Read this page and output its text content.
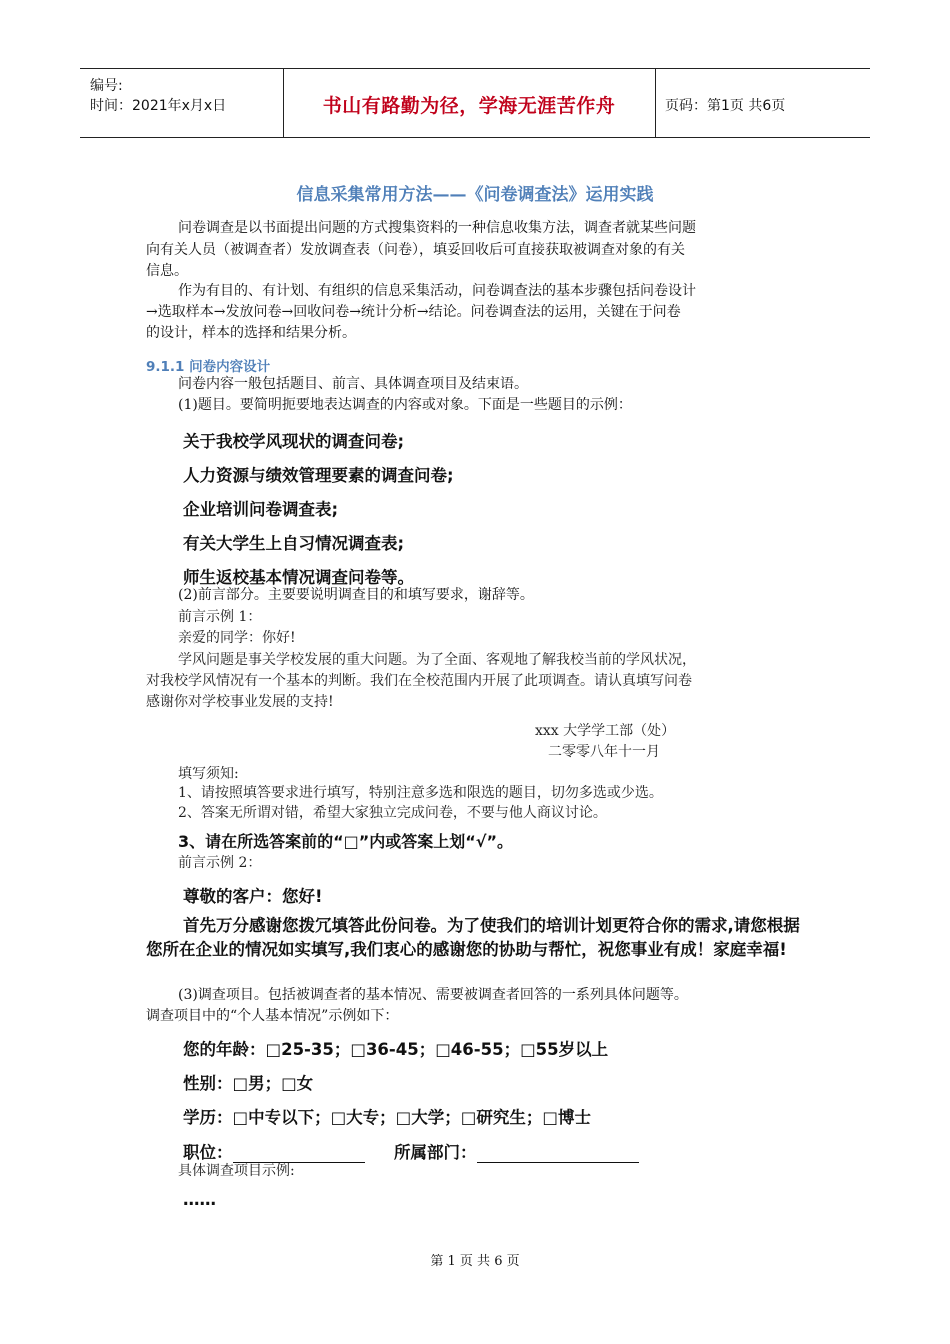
编号:
时间：2021年x月x日	书山有路勤为径，学海无涯苦作舟	页码：第1页 共6页
信息采集常用方法——《问卷调查法》运用实践
问卷调查是以书面提出问题的方式搜集资料的一种信息收集方法，调查者就某些问题
向有关人员（被调查者）发放调查表（问卷），填妥回收后可直接获取被调查对象的有关
信息。
作为有目的、有计划、有组织的信息采集活动，问卷调查法的基本步骤包括问卷设计
→选取样本→发放问卷→回收问卷→统计分析→结论。问卷调查法的运用，关键在于问卷
的设计，样本的选择和结果分析。
9.1.1 问卷内容设计
问卷内容一般包括题目、前言、具体调查项目及结束语。
(1)题目。要简明扼要地表达调查的内容或对象。下面是一些题目的示例：
关于我校学风现状的调查问卷;
人力资源与绩效管理要素的调查问卷;
企业培训问卷调查表;
有关大学生上自习情况调查表;
师生返校基本情况调查问卷等。
(2)前言部分。主要要说明调查目的和填写要求，谢辞等。
前言示例 1：
亲爱的同学：你好!
学风问题是事关学校发展的重大问题。为了全面、客观地了解我校当前的学风状况，
对我校学风情况有一个基本的判断。我们在全校范围内开展了此项调查。请认真填写问卷
感谢你对学校事业发展的支持!
xxx 大学学工部（处）
二零零八年十一月
填写须知:
1、请按照填答要求进行填写，特别注意多选和限选的题目，切勿多选或少选。
2、答案无所谓对错，希望大家独立完成问卷，不要与他人商议讨论。
3、请在所选答案前的“□”内或答案上划“√”。
前言示例 2：
尊敬的客户：您好!
首先万分感谢您拨冗填答此份问卷。为了使我们的培训计划更符合你的需求,请您根据您所在企业的情况如实填写,我们衷心的感谢您的协助与帮忙，祝您事业有成！家庭幸福!
(3)调查项目。包括被调查者的基本情况、需要被调查者回答的一系列具体问题等。
调查项目中的“个人基本情况”示例如下：
您的年龄：□25-35；□36-45；□46-55；□55岁以上
性别：□男；□女
学历：□中专以下；□大专；□大学；□研究生；□博士
职位：	所属部门：
具体调查项目示例:
……
第 1 页 共 6 页
